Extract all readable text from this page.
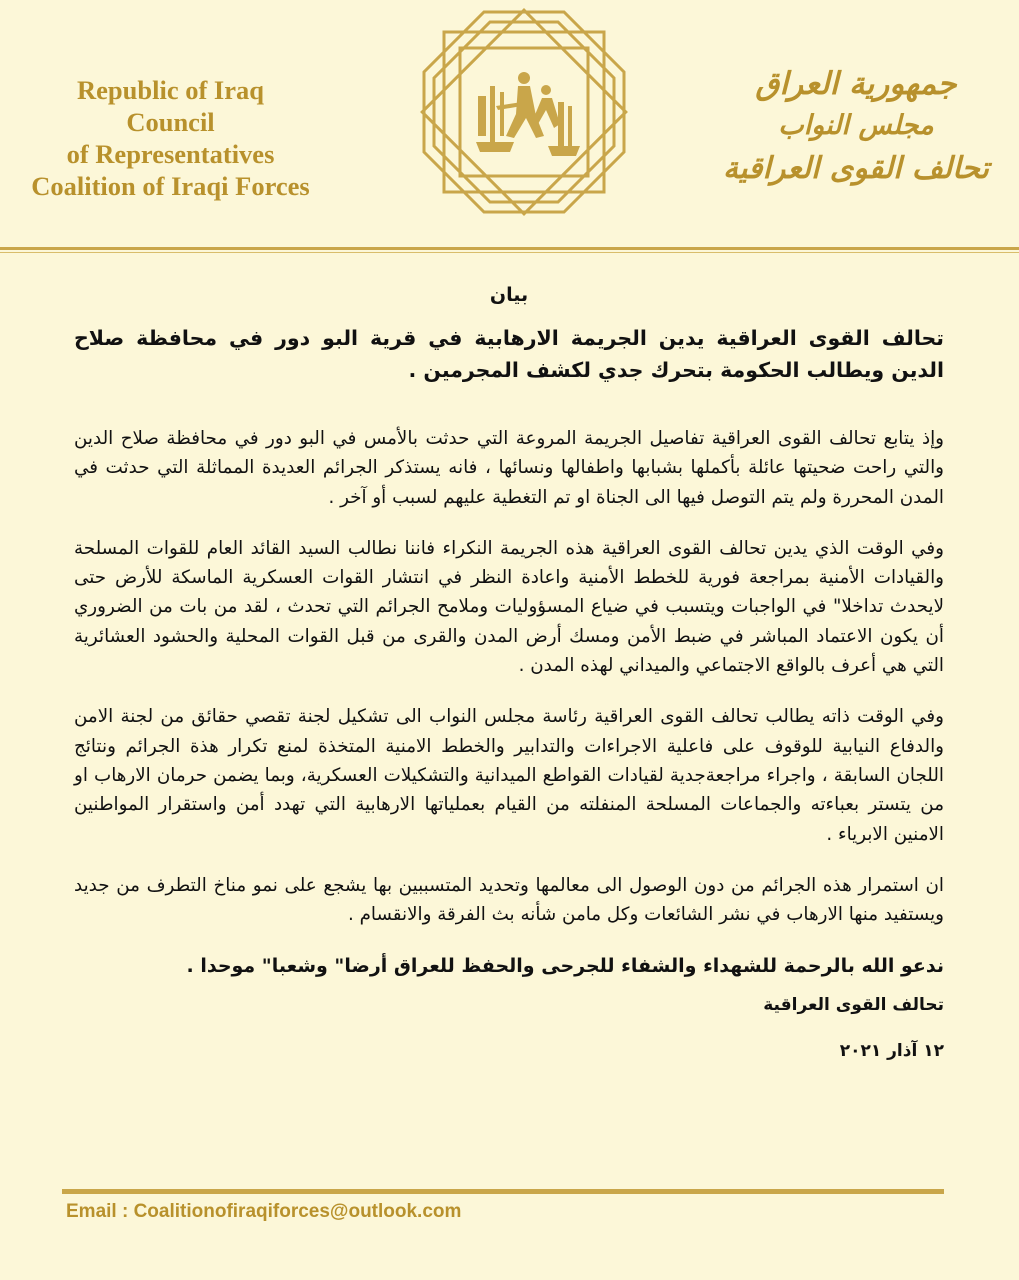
Republic of Iraq
Council
of Representatives
Coalition of Iraqi Forces
جمهورية العراق
مجلس النواب
تحالف القوى العراقية
بيان
تحالف القوى العراقية يدين الجريمة الارهابية في قرية البو دور في محافظة صلاح الدين ويطالب الحكومة بتحرك جدي لكشف المجرمين .

وإذ يتابع تحالف القوى العراقية تفاصيل الجريمة المروعة التي حدثت بالأمس في البو دور في محافظة صلاح الدين والتي راحت ضحيتها عائلة بأكملها بشبابها واطفالها ونسائها ، فانه يستذكر الجرائم العديدة المماثلة التي حدثت في المدن المحررة ولم يتم التوصل فيها الى الجناة او تم التغطية عليهم لسبب أو آخر .

وفي الوقت الذي يدين تحالف القوى العراقية هذه الجريمة النكراء فاننا نطالب السيد القائد العام للقوات المسلحة والقيادات الأمنية بمراجعة فورية للخطط الأمنية واعادة النظر في انتشار القوات العسكرية الماسكة للأرض حتى لايحدث تداخلا" في الواجبات ويتسبب في ضياع المسؤوليات وملامح الجرائم التي تحدث ، لقد من بات من الضروري أن يكون الاعتماد المباشر في ضبط الأمن ومسك أرض المدن والقرى من قبل القوات المحلية والحشود العشائرية التي هي أعرف بالواقع الاجتماعي والميداني لهذه المدن .

وفي الوقت ذاته يطالب تحالف القوى العراقية رئاسة مجلس النواب الى تشكيل لجنة تقصي حقائق من لجنة الامن والدفاع النيابية للوقوف على فاعلية الاجراءات والتدابير والخطط الامنية المتخذة لمنع تكرار هذة الجرائم ونتائج اللجان السابقة ، واجراء مراجعةجدية لقيادات القواطع الميدانية والتشكيلات العسكرية، وبما يضمن حرمان الارهاب او من يتستر بعباءته والجماعات المسلحة المنفلته من القيام بعملياتها الارهابية التي تهدد أمن واستقرار المواطنين الامنين الابرياء .

ان استمرار هذه الجرائم من دون الوصول الى معالمها وتحديد المتسببين بها يشجع على نمو مناخ التطرف من جديد ويستفيد منها الارهاب في نشر الشائعات وكل مامن شأنه بث الفرقة والانقسام .

ندعو الله بالرحمة للشهداء والشفاء للجرحى والحفظ للعراق أرضا" وشعبا" موحدا .
تحالف القوى العراقية
١٢ آذار ٢٠٢١
Email : Coalitionofiraqiforces@outlook.com
